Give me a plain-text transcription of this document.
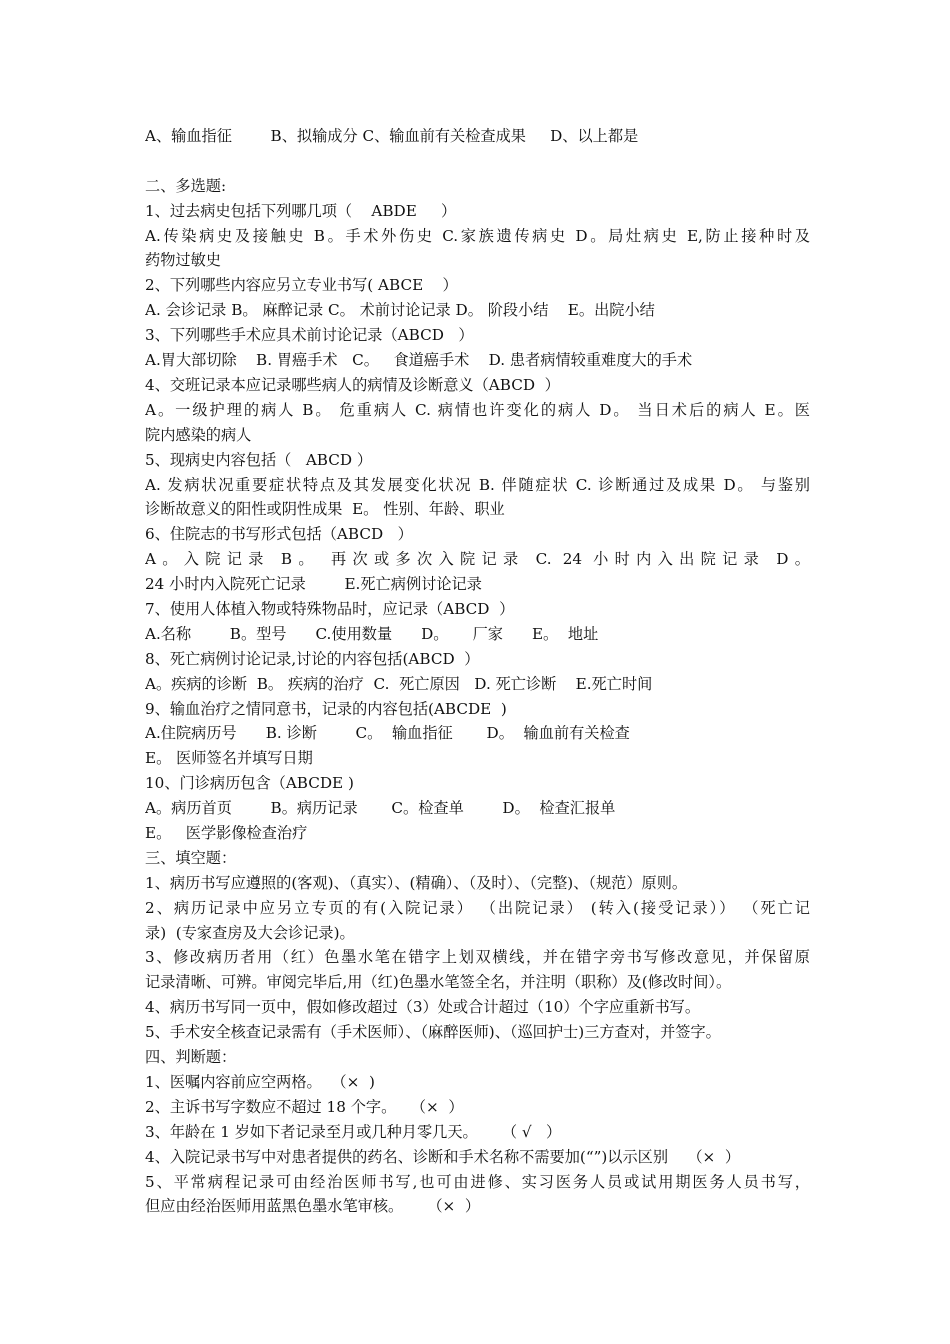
A、输血指征        B、拟输成分 C、输血前有关检查成果     D、以上都是
二、多选题:
1、过去病史包括下列哪几项（    ABDE     ）
A.传染病史及接触史 B。手术外伤史 C.家族遗传病史 D。局灶病史 E,防止接种时及
药物过敏史
2、下列哪些内容应另立专业书写( ABCE    ）
A. 会诊记录 B。 麻醉记录 C。 术前讨论记录 D。 阶段小结    E。出院小结
3、下列哪些手术应具术前讨论记录（ABCD   ）
A.胃大部切除    B. 胃癌手术   C。   食道癌手术    D. 患者病情较重难度大的手术
4、交班记录本应记录哪些病人的病情及诊断意义（ABCD  ）
A。一级护理的病人 B。 危重病人 C. 病情也许变化的病人 D。 当日术后的病人 E。医
院内感染的病人
5、现病史内容包括（   ABCD ）
A. 发病状况重要症状特点及其发展变化状况 B. 伴随症状 C. 诊断通过及成果 D。 与鉴别
诊断故意义的阳性或阴性成果  E。 性别、年龄、职业
6、住院志的书写形式包括（ABCD   ）
A。入院记录 B。 再次或多次入院记录 C. 24 小时内入出院记录 D。
24 小时内入院死亡记录        E.死亡病例讨论记录
7、使用人体植入物或特殊物品时，应记录（ABCD  ）
A.名称        B。型号      C.使用数量      D。     厂家      E。  地址
8、死亡病例讨论记录,讨论的内容包括(ABCD  ）
A。疾病的诊断  B。 疾病的治疗  C.  死亡原因   D. 死亡诊断    E.死亡时间
9、输血治疗之情同意书，记录的内容包括(ABCDE  )
A.住院病历号      B. 诊断        C。  输血指征       D。  输血前有关检查
E。 医师签名并填写日期
10、门诊病历包含（ABCDE )
A。病历首页        B。病历记录       C。检查单        D。  检查汇报单
E。   医学影像检查治疗
三、填空题：
1、病历书写应遵照的(客观)、（真实）、(精确）、（及时）、（完整)、（规范）原则。
2、病历记录中应另立专页的有(入院记录） （出院记录） (转入(接受记录）） （死亡记
录)  (专家查房及大会诊记录)。
3、修改病历者用（红）色墨水笔在错字上划双横线，并在错字旁书写修改意见，并保留原
记录清晰、可辨。审阅完毕后,用（红)色墨水笔签全名，并注明（职称）及(修改时间）。
4、病历书写同一页中，假如修改超过（3）处或合计超过（10）个字应重新书写。
5、手术安全核查记录需有（手术医师）、（麻醉医师)、（巡回护士)三方查对，并签字。
四、判断题：
1、医嘱内容前应空两格。  （×  )
2、主诉书写字数应不超过 18 个字。   （×  ）
3、年龄在 1 岁如下者记录至月或几种月零几天。     （ √   ）
4、入院记录书写中对患者提供的药名、诊断和手术名称不需要加(“”)以示区别    （×  ）
5、平常病程记录可由经治医师书写,也可由进修、实习医务人员或试用期医务人员书写，
但应由经治医师用蓝黑色墨水笔审核。     （×  ）
